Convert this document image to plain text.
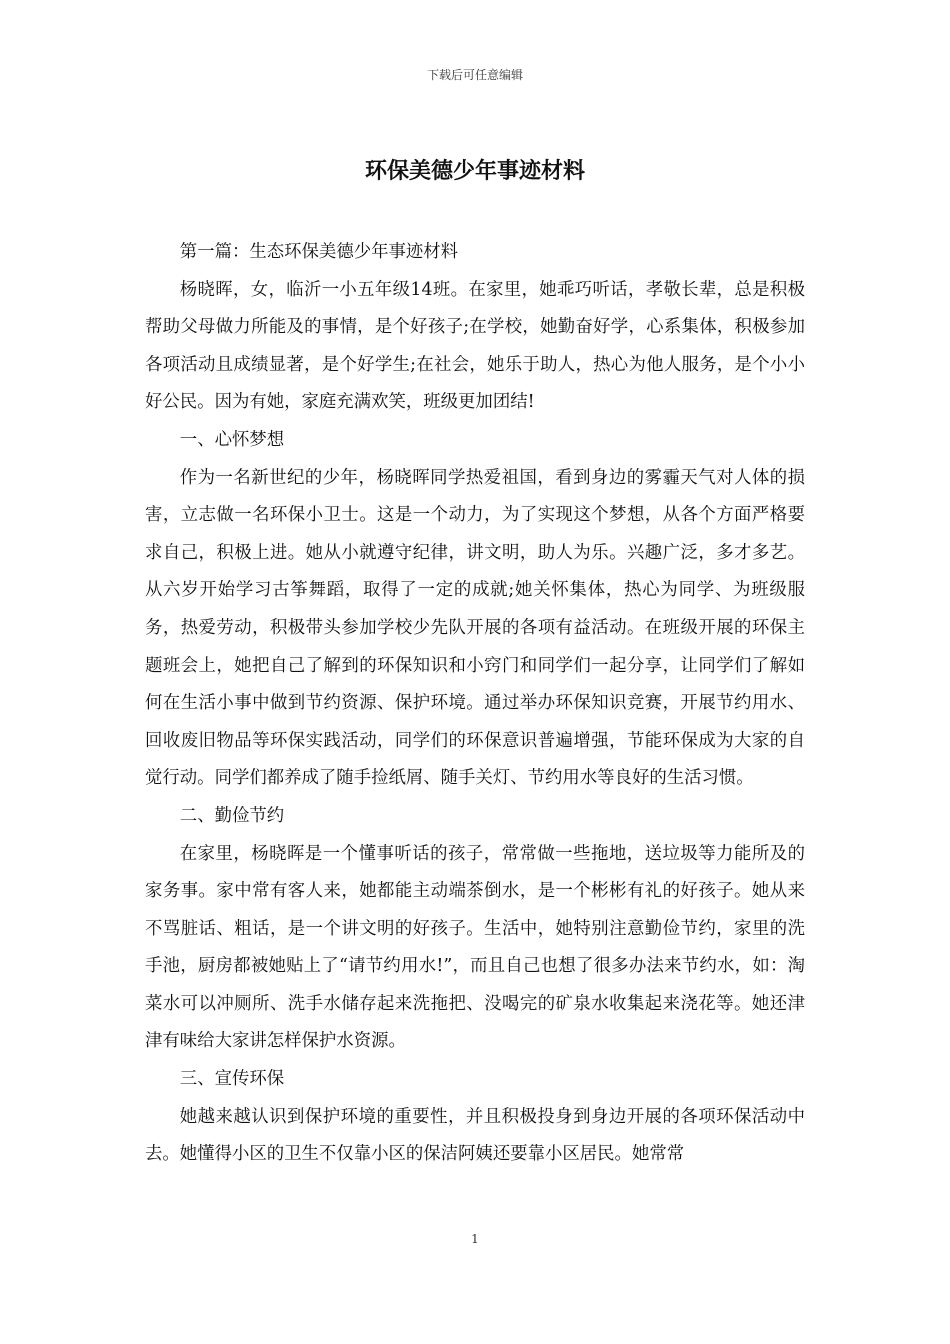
下载后可任意编辑
环保美德少年事迹材料

第一篇：生态环保美德少年事迹材料

杨晓晖，女，临沂一小五年级14班。在家里，她乖巧听话，孝敬长辈，总是积极帮助父母做力所能及的事情，是个好孩子;在学校，她勤奋好学，心系集体，积极参加各项活动且成绩显著，是个好学生;在社会，她乐于助人，热心为他人服务，是个小小好公民。因为有她，家庭充满欢笑，班级更加团结!

一、心怀梦想

作为一名新世纪的少年，杨晓晖同学热爱祖国，看到身边的雾霾天气对人体的损害，立志做一名环保小卫士。这是一个动力，为了实现这个梦想，从各个方面严格要求自己，积极上进。她从小就遵守纪律，讲文明，助人为乐。兴趣广泛，多才多艺。从六岁开始学习古筝舞蹈，取得了一定的成就;她关怀集体，热心为同学、为班级服务，热爱劳动，积极带头参加学校少先队开展的各项有益活动。在班级开展的环保主题班会上，她把自己了解到的环保知识和小窍门和同学们一起分享，让同学们了解如何在生活小事中做到节约资源、保护环境。通过举办环保知识竞赛，开展节约用水、回收废旧物品等环保实践活动，同学们的环保意识普遍增强，节能环保成为大家的自觉行动。同学们都养成了随手捡纸屑、随手关灯、节约用水等良好的生活习惯。

二、勤俭节约

在家里，杨晓晖是一个懂事听话的孩子，常常做一些拖地，送垃圾等力能所及的家务事。家中常有客人来，她都能主动端茶倒水，是一个彬彬有礼的好孩子。她从来不骂脏话、粗话，是一个讲文明的好孩子。生活中，她特别注意勤俭节约，家里的洗手池，厨房都被她贴上了“请节约用水!”，而且自己也想了很多办法来节约水，如：淘菜水可以冲厕所、洗手水储存起来洗拖把、没喝完的矿泉水收集起来浇花等。她还津津有味给大家讲怎样保护水资源。

三、宣传环保

她越来越认识到保护环境的重要性，并且积极投身到身边开展的各项环保活动中去。她懂得小区的卫生不仅靠小区的保洁阿姨还要靠小区居民。她常常

1
